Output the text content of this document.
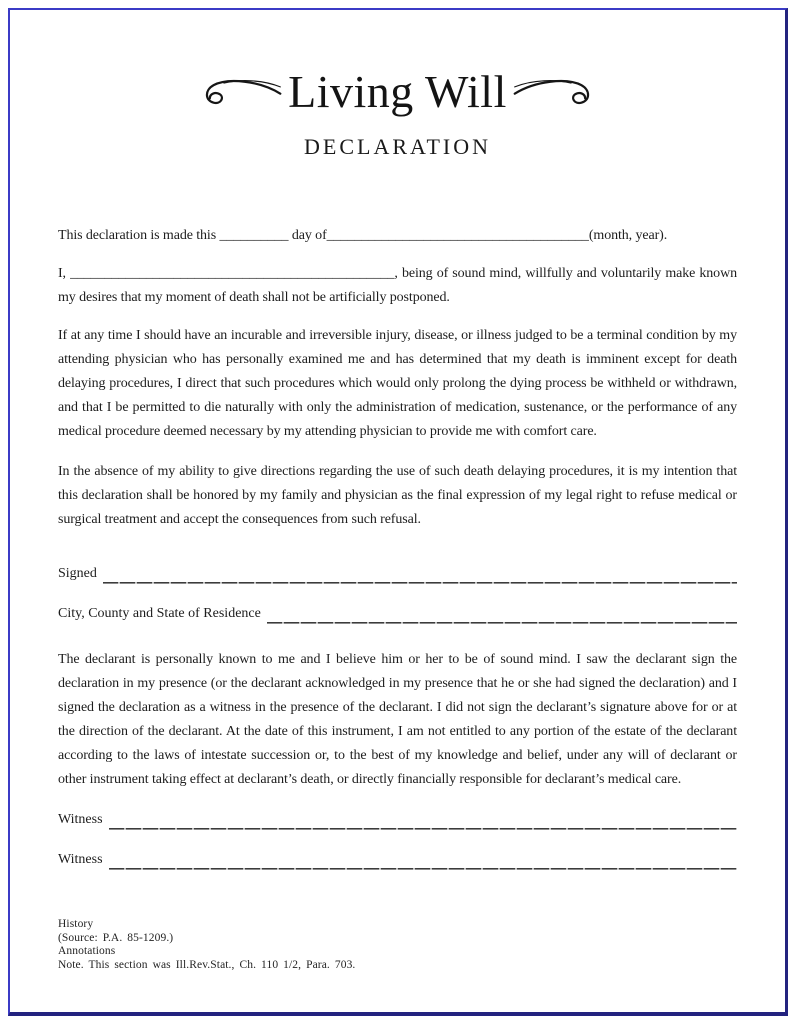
Living Will
DECLARATION

This declaration is made this __________ day of______________________________________(month, year).

I, _______________________________________________, being of sound mind, willfully and voluntarily make known my desires that my moment of death shall not be artificially postponed.

If at any time I should have an incurable and irreversible injury, disease, or illness judged to be a terminal condition by my attending physician who has personally examined me and has determined that my death is imminent except for death delaying procedures, I direct that such procedures which would only prolong the dying process be withheld or withdrawn, and that I be permitted to die naturally with only the administration of medication, sustenance, or the performance of any medical procedure deemed necessary by my attending physician to provide me with comfort care.

In the absence of my ability to give directions regarding the use of such death delaying procedures, it is my intention that this declaration shall be honored by my family and physician as the final expression of my legal right to refuse medical or surgical treatment and accept the consequences from such refusal.

Signed
City, County and State of Residence

The declarant is personally known to me and I believe him or her to be of sound mind. I saw the declarant sign the declaration in my presence (or the declarant acknowledged in my presence that he or she had signed the declaration) and I signed the declaration as a witness in the presence of the declarant. I did not sign the declarant’s signature above for or at the direction of the declarant. At the date of this instrument, I am not entitled to any portion of the estate of the declarant according to the laws of intestate succession or, to the best of my knowledge and belief, under any will of declarant or other instrument taking effect at declarant’s death, or directly financially responsible for declarant’s medical care.

Witness
Witness
History
(Source: P.A. 85-1209.)
Annotations
Note. This section was Ill.Rev.Stat., Ch. 110 1/2, Para. 703.
